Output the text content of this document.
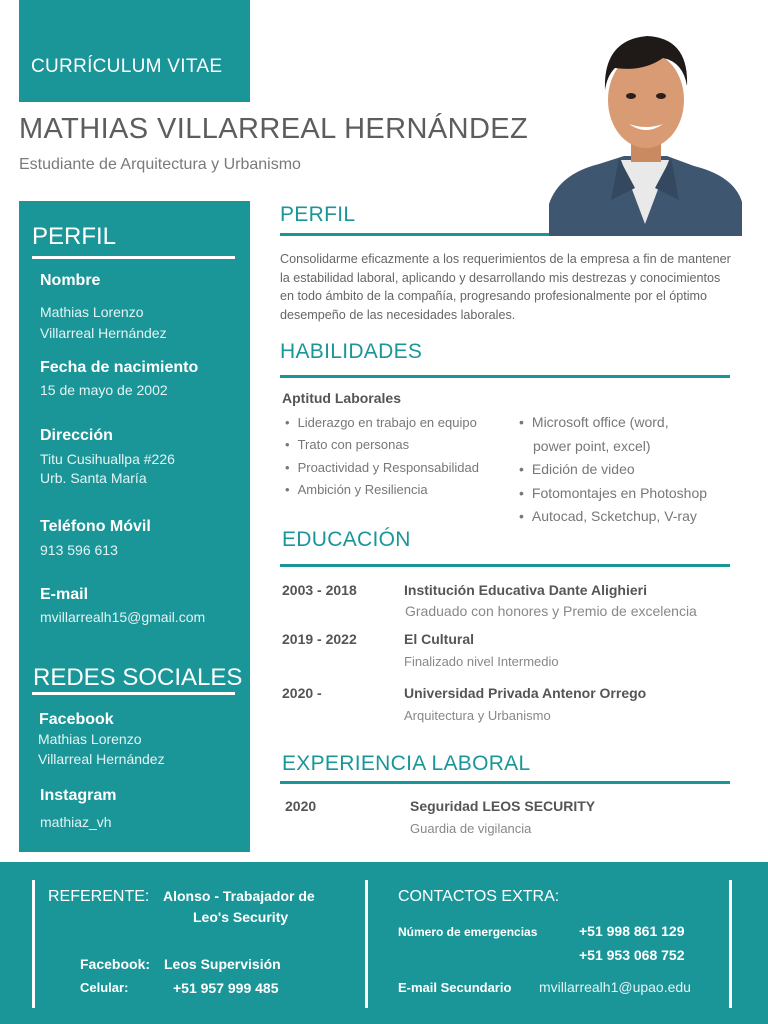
CURRÍCULUM VITAE
MATHIAS VILLARREAL HERNÁNDEZ
Estudiante de Arquitectura y Urbanismo
PERFIL
Nombre
Mathias Lorenzo
Villarreal Hernández
Fecha de nacimiento
15 de mayo de 2002
Dirección
Titu Cusihuallpa #226
Urb. Santa María
Teléfono Móvil
913 596 613
E-mail
mvillarrealh15@gmail.com
REDES SOCIALES
Facebook
Mathias Lorenzo
Villarreal Hernández
Instagram
mathiaz_vh
PERFIL
Consolidarme eficazmente a los requerimientos de la empresa a fin de mantener la estabilidad laboral, aplicando y desarrollando mis destrezas y conocimientos en todo ámbito de la compañía, progresando profesionalmente por el óptimo desempeño de las necesidades laborales.
HABILIDADES
Aptitud Laborales
• Liderazgo en trabajo en equipo
• Trato con personas
• Proactividad y Responsabilidad
• Ambición y Resiliencia
• Microsoft office (word,
power point, excel)
• Edición de video
• Fotomontajes en Photoshop
• Autocad, Scketchup, V-ray
EDUCACIÓN
2003 - 2018	Institución Educativa Dante Alighieri
Graduado con honores y Premio de excelencia
2019 - 2022	El Cultural
Finalizado nivel Intermedio
2020 -	Universidad Privada Antenor Orrego
Arquitectura y Urbanismo
EXPERIENCIA LABORAL
2020	Seguridad LEOS SECURITY
Guardia de vigilancia
REFERENTE: Alonso - Trabajador de
Leo's Security
Facebook: Leos Supervisión
Celular:	+51 957 999 485
CONTACTOS EXTRA:
Número de emergencias	+51 998 861 129
+51 953 068 752
E-mail Secundario mvillarrealh1@upao.edu
